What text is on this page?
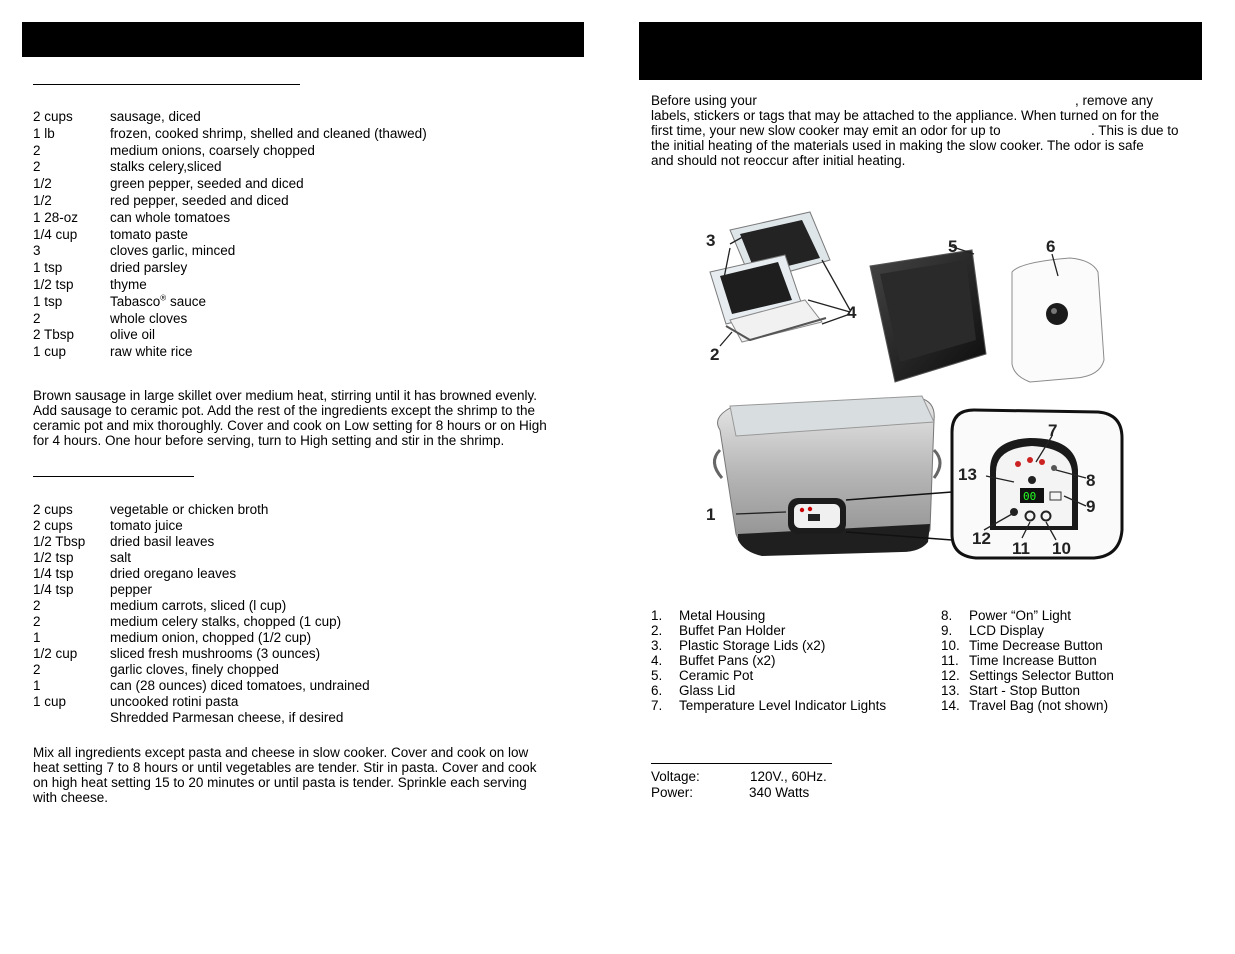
2 cups	sausage, diced
1 lb	frozen, cooked shrimp, shelled and cleaned (thawed)
2	medium onions, coarsely chopped
2	stalks celery,sliced
1/2	green pepper, seeded and diced
1/2	red pepper, seeded and diced
1 28-oz can whole tomatoes
1/4 cup tomato paste
3	cloves garlic, minced
1 tsp	dried parsley
1/2 tsp	thyme
1 tsp	Tabasco® sauce
2	whole cloves
2 Tbsp	olive oil
1 cup	raw white rice
Brown sausage in large skillet over medium heat, stirring until it has browned evenly.
Add sausage to ceramic pot. Add the rest of the ingredients except the shrimp to the
ceramic pot and mix thoroughly. Cover and cook on Low setting for 8 hours or on High
for 4 hours. One hour before serving, turn to High setting and stir in the shrimp.
2 cups	vegetable or chicken broth
2 cups	tomato juice
1/2 Tbsp dried basil leaves
1/2 tsp	salt
1/4 tsp	dried oregano leaves
1/4 tsp	pepper
2	medium carrots, sliced (l cup)
2	medium celery stalks, chopped (1 cup)
1	medium onion, chopped (1/2 cup)
1/2 cup sliced fresh mushrooms (3 ounces)
2	garlic cloves, finely chopped
1	can (28 ounces) diced tomatoes, undrained
1 cup	uncooked rotini pasta
Shredded Parmesan cheese, if desired
Mix all ingredients except pasta and cheese in slow cooker. Cover and cook on low
heat setting 7 to 8 hours or until vegetables are tender. Stir in pasta. Cover and cook
on high heat setting 15 to 20 minutes or until pasta is tender. Sprinkle each serving
with cheese.
Before using your	, remove any
labels, stickers or tags that may be attached to the appliance. When turned on for the
first time, your new slow cooker may emit an odor for up to	. This is due to
the initial heating of the materials used in making the slow cooker. The odor is safe
and should not reoccur after initial heating.
00
3
2
4
5	6
1
7
8
9
10
11
12
13
1. Metal Housing
2. Buffet Pan Holder
3. Plastic Storage Lids (x2)
4. Buffet Pans (x2)
5. Ceramic Pot
6. Glass Lid
7. Temperature Level Indicator Lights
8. Power “On” Light
9. LCD Display
10. Time Decrease Button
11. Time Increase Button
12. Settings Selector Button
13. Start - Stop Button
14. Travel Bag (not shown)
Voltage:	120V., 60Hz.
Power:	340 Watts
